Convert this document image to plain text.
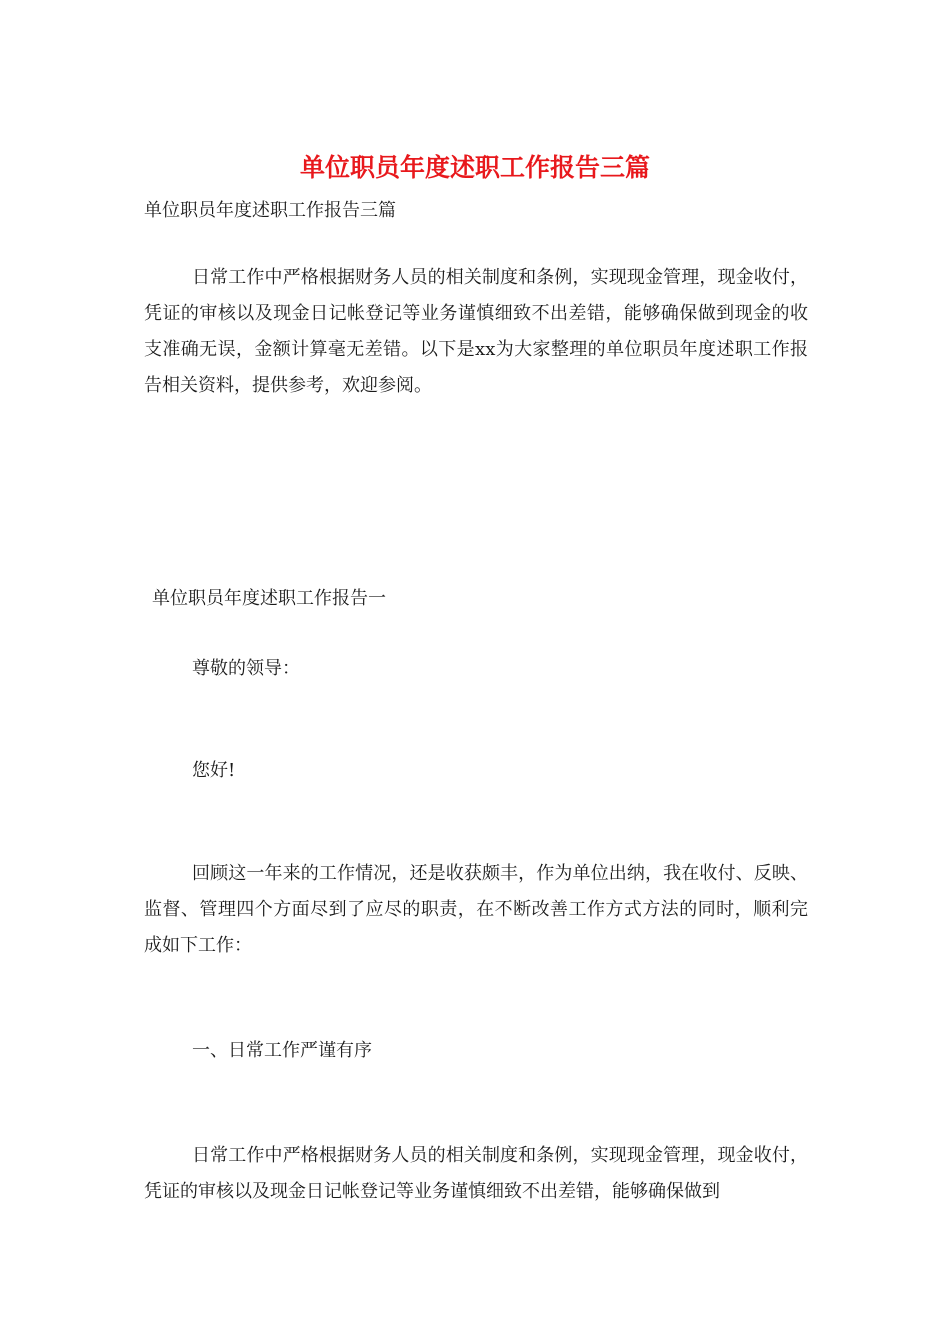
单位职员年度述职工作报告三篇

单位职员年度述职工作报告三篇

日常工作中严格根据财务人员的相关制度和条例，实现现金管理，现金收付，凭证的审核以及现金日记帐登记等业务谨慎细致不出差错，能够确保做到现金的收支准确无误，金额计算毫无差错。以下是xx为大家整理的单位职员年度述职工作报告相关资料，提供参考，欢迎参阅。

单位职员年度述职工作报告一

尊敬的领导：

您好!

回顾这一年来的工作情况，还是收获颇丰，作为单位出纳，我在收付、反映、监督、管理四个方面尽到了应尽的职责，在不断改善工作方式方法的同时，顺利完成如下工作：

一、日常工作严谨有序

日常工作中严格根据财务人员的相关制度和条例，实现现金管理，现金收付，凭证的审核以及现金日记帐登记等业务谨慎细致不出差错，能够确保做到
